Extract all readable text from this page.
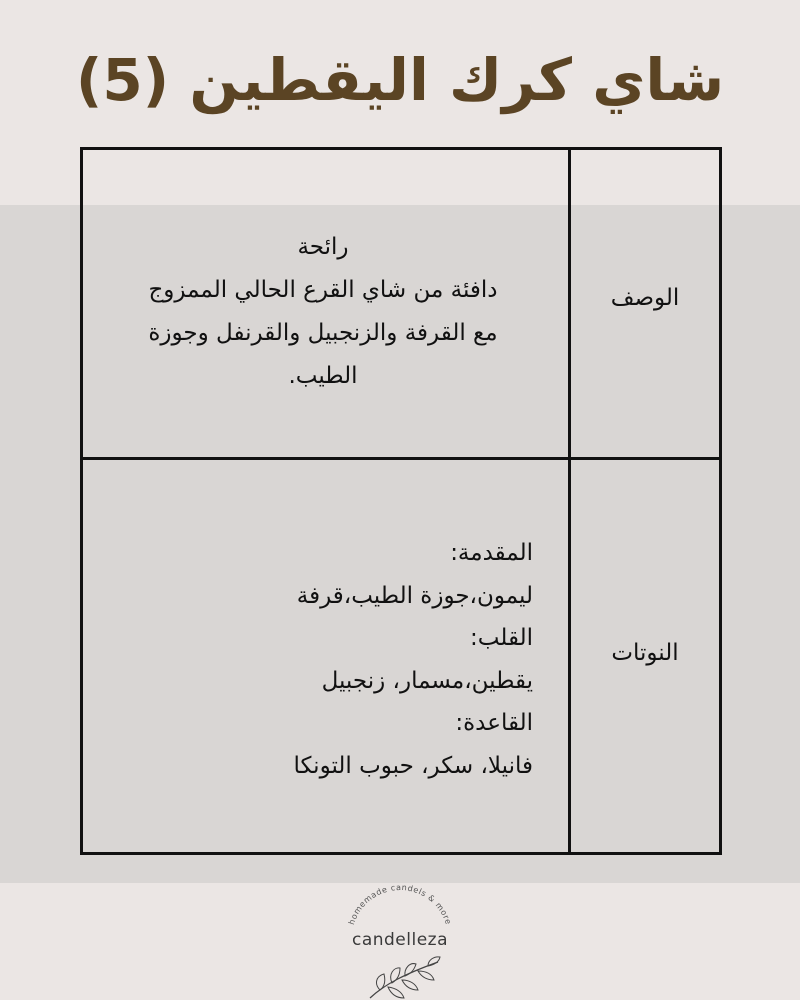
(5) شاي كرك اليقطين
الوصف
رائحة
دافئة من شاي القرع الحالي الممزوج
مع القرفة والزنجبيل والقرنفل وجوزة
الطيب.
النوتات
المقدمة:
ليمون،جوزة الطيب،قرفة
القلب:
يقطين،مسمار، زنجبيل
القاعدة:
فانيلا، سكر، حبوب التونكا
homemade candels & more
candelleza
